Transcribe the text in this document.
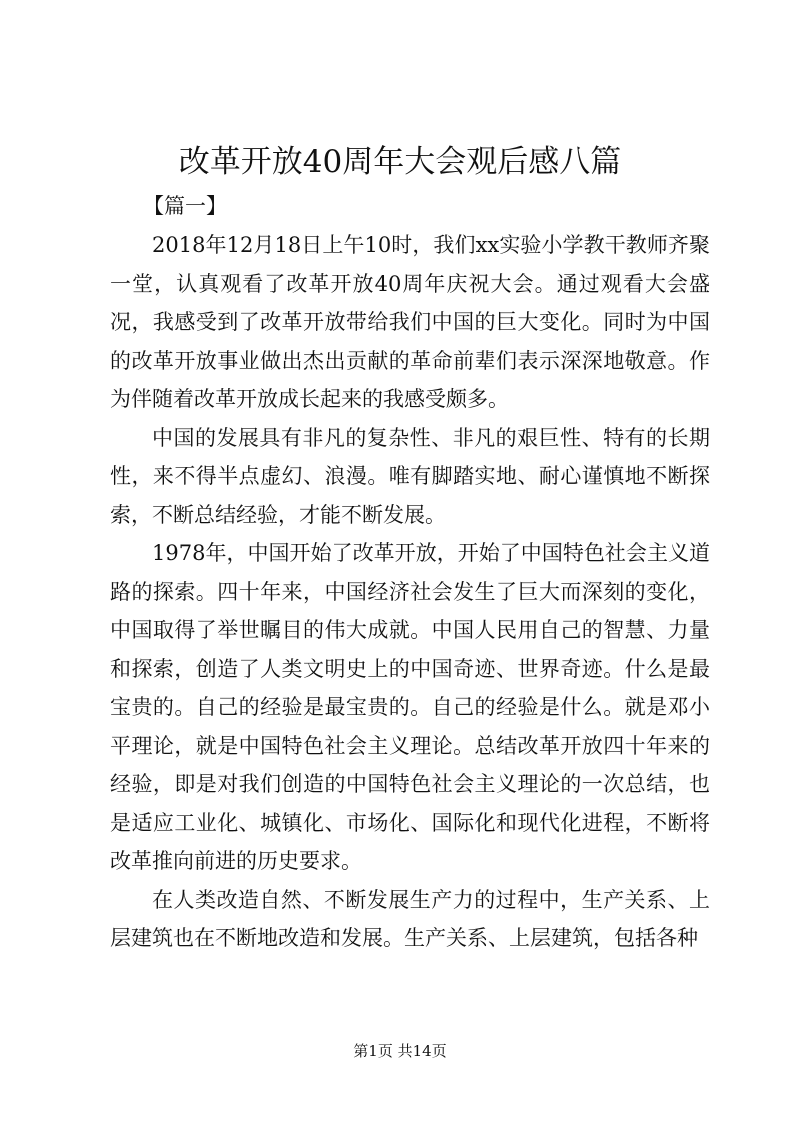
改革开放40周年大会观后感八篇

【篇一】

2018年12月18日上午10时，我们xx实验小学教干教师齐聚一堂，认真观看了改革开放40周年庆祝大会。通过观看大会盛况，我感受到了改革开放带给我们中国的巨大变化。同时为中国的改革开放事业做出杰出贡献的革命前辈们表示深深地敬意。作为伴随着改革开放成长起来的我感受颇多。

中国的发展具有非凡的复杂性、非凡的艰巨性、特有的长期性，来不得半点虚幻、浪漫。唯有脚踏实地、耐心谨慎地不断探索，不断总结经验，才能不断发展。

1978年，中国开始了改革开放，开始了中国特色社会主义道路的探索。四十年来，中国经济社会发生了巨大而深刻的变化，中国取得了举世瞩目的伟大成就。中国人民用自己的智慧、力量和探索，创造了人类文明史上的中国奇迹、世界奇迹。什么是最宝贵的。自己的经验是最宝贵的。自己的经验是什么。就是邓小平理论，就是中国特色社会主义理论。总结改革开放四十年来的经验，即是对我们创造的中国特色社会主义理论的一次总结，也是适应工业化、城镇化、市场化、国际化和现代化进程，不断将改革推向前进的历史要求。

在人类改造自然、不断发展生产力的过程中，生产关系、上层建筑也在不断地改造和发展。生产关系、上层建筑，包括各种

第1页 共14页
